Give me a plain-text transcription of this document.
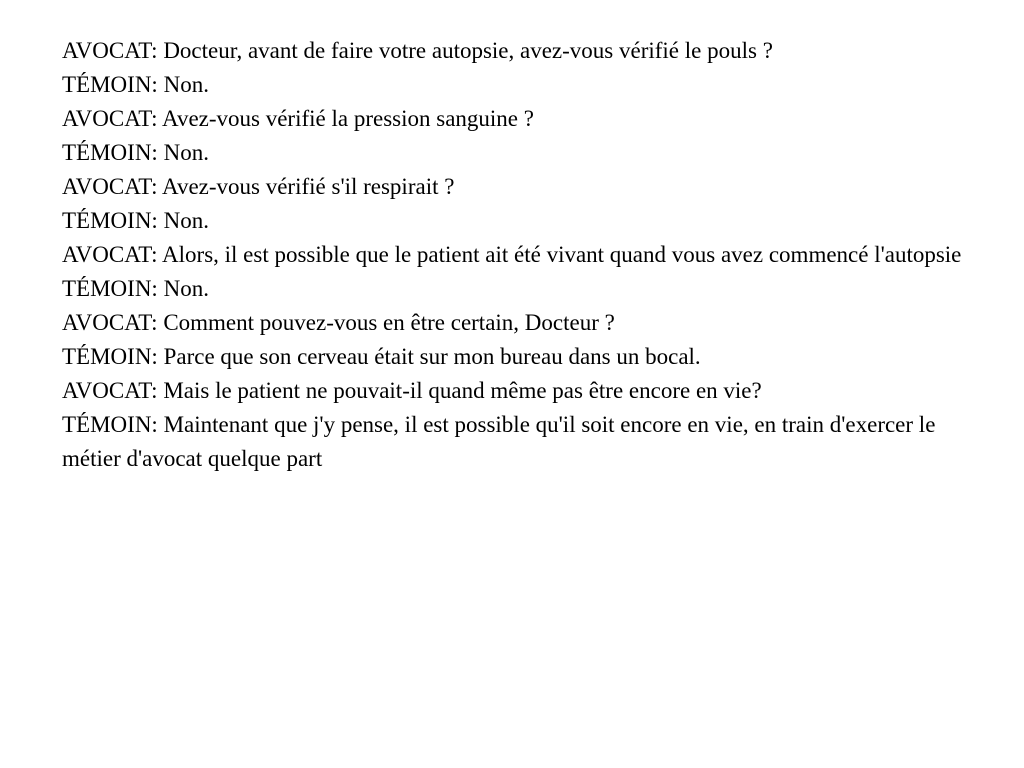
AVOCAT: Docteur, avant de faire votre autopsie, avez-vous vérifié le pouls ?
TÉMOIN: Non.
AVOCAT: Avez-vous vérifié la pression sanguine ?
TÉMOIN: Non.
AVOCAT: Avez-vous vérifié s'il respirait ?
TÉMOIN: Non.
AVOCAT: Alors, il est possible que le patient ait été vivant quand vous avez commencé l'autopsie
TÉMOIN: Non.
AVOCAT: Comment pouvez-vous en être certain, Docteur ?
TÉMOIN: Parce que son cerveau était sur mon bureau dans un bocal.
AVOCAT: Mais le patient ne pouvait-il quand même pas être encore en vie?
TÉMOIN: Maintenant que j'y pense, il est possible qu'il soit encore en vie, en train d'exercer le métier d'avocat quelque part
